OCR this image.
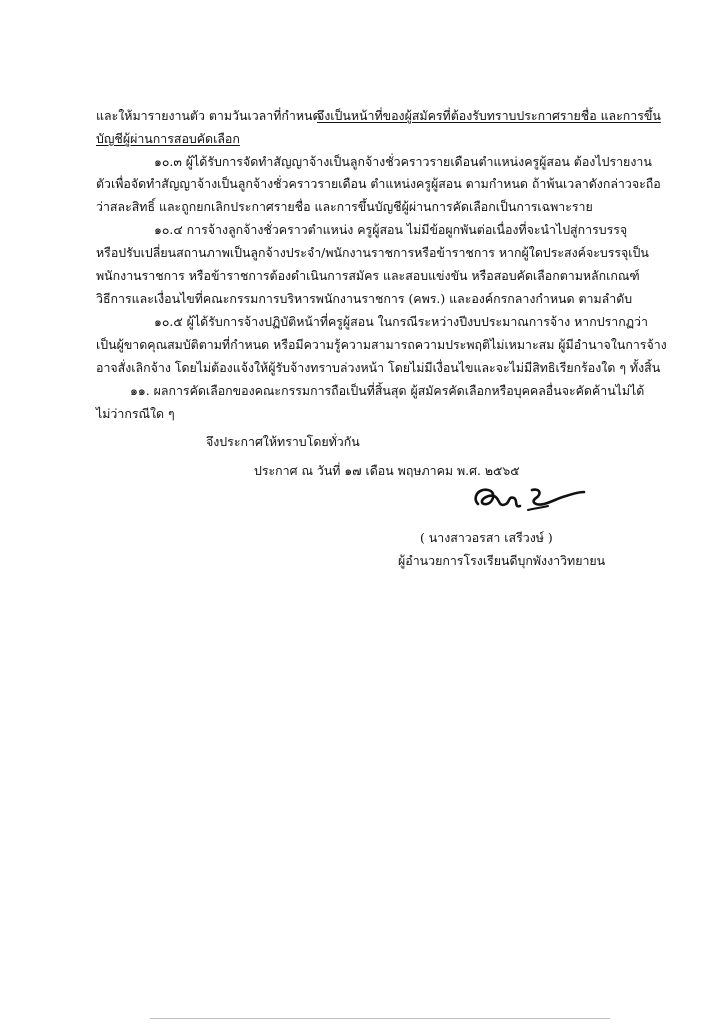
และให้มารายงานตัว ตามวันเวลาที่กำหนด
จึงเป็นหน้าที่ของผู้สมัครที่ต้องรับทราบประกาศรายชื่อ และการขึ้น
บัญชีผู้ผ่านการสอบคัดเลือก
๑๐.๓ ผู้ได้รับการจัดทำสัญญาจ้างเป็นลูกจ้างชั่วคราวรายเดือนตำแหน่งครูผู้สอน ต้องไปรายงาน
ตัวเพื่อจัดทำสัญญาจ้างเป็นลูกจ้างชั่วคราวรายเดือน ตำแหน่งครูผู้สอน ตามกำหนด ถ้าพ้นเวลาดังกล่าวจะถือ
ว่าสละสิทธิ์ และถูกยกเลิกประกาศรายชื่อ และการขึ้นบัญชีผู้ผ่านการคัดเลือกเป็นการเฉพาะราย
๑๐.๔ การจ้างลูกจ้างชั่วคราวตำแหน่ง ครูผู้สอน ไม่มีข้อผูกพันต่อเนื่องที่จะนำไปสู่การบรรจุ
หรือปรับเปลี่ยนสถานภาพเป็นลูกจ้างประจำ/พนักงานราชการหรือข้าราชการ หากผู้ใดประสงค์จะบรรจุเป็น
พนักงานราชการ หรือข้าราชการต้องดำเนินการสมัคร และสอบแข่งขัน หรือสอบคัดเลือกตามหลักเกณฑ์
วิธีการและเงื่อนไขที่คณะกรรมการบริหารพนักงานราชการ (คพร.) และองค์กรกลางกำหนด ตามลำดับ
๑๐.๕ ผู้ได้รับการจ้างปฏิบัติหน้าที่ครูผู้สอน ในกรณีระหว่างปีงบประมาณการจ้าง หากปรากฏว่า
เป็นผู้ขาดคุณสมบัติตามที่กำหนด หรือมีความรู้ความสามารถความประพฤติไม่เหมาะสม ผู้มีอำนาจในการจ้าง
อาจสั่งเลิกจ้าง โดยไม่ต้องแจ้งให้ผู้รับจ้างทราบล่วงหน้า โดยไม่มีเงื่อนไขและจะไม่มีสิทธิเรียกร้องใด ๆ ทั้งสิ้น
๑๑. ผลการคัดเลือกของคณะกรรมการถือเป็นที่สิ้นสุด ผู้สมัครคัดเลือกหรือบุคคลอื่นจะคัดค้านไม่ได้
ไม่ว่ากรณีใด ๆ
จึงประกาศให้ทราบโดยทั่วกัน
ประกาศ ณ วันที่ ๑๗ เดือน พฤษภาคม พ.ศ. ๒๕๖๕
( นางสาวอรสา เสรีวงษ์ )
ผู้อำนวยการโรงเรียนดีบุกพังงาวิทยายน
